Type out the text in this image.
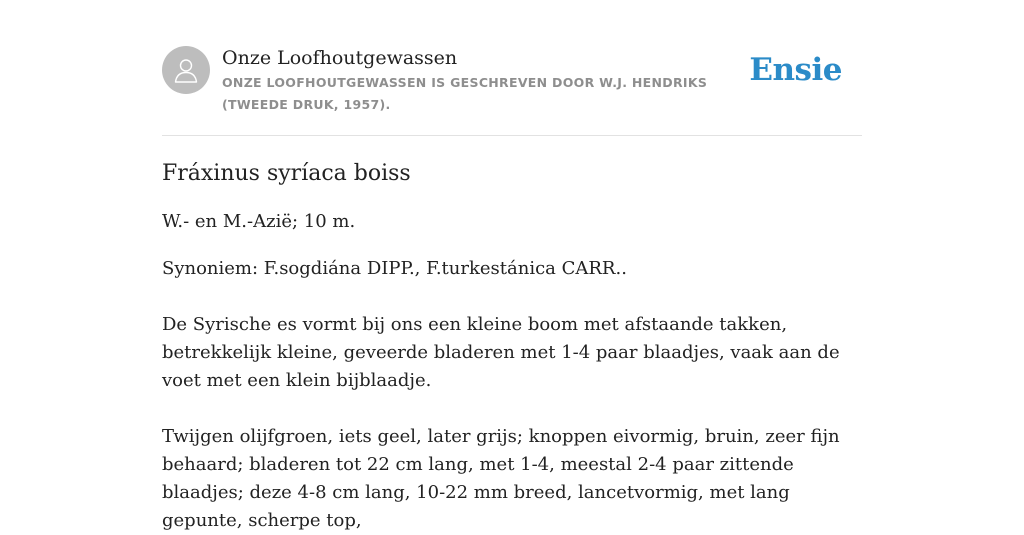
Onze Loofhoutgewassen
ONZE LOOFHOUTGEWASSEN IS GESCHREVEN DOOR W.J. HENDRIKS (TWEEDE DRUK, 1957).
Ensie
Fráxinus syríaca boiss

W.- en M.-Azië; 10 m.

Synoniem: F.sogdiána DIPP., F.turkestánica CARR..

De Syrische es vormt bij ons een kleine boom met afstaande takken, betrekkelijk kleine, geveerde bladeren met 1-4 paar blaadjes, vaak aan de voet met een klein bijblaadje.

Twijgen olijfgroen, iets geel, later grijs; knoppen eivormig, bruin, zeer fijn behaard; bladeren tot 22 cm lang, met 1-4, meestal 2-4 paar zittende blaadjes; deze 4-8 cm lang, 10-22 mm breed, lancetvormig, met lang gepunte, scherpe top,
